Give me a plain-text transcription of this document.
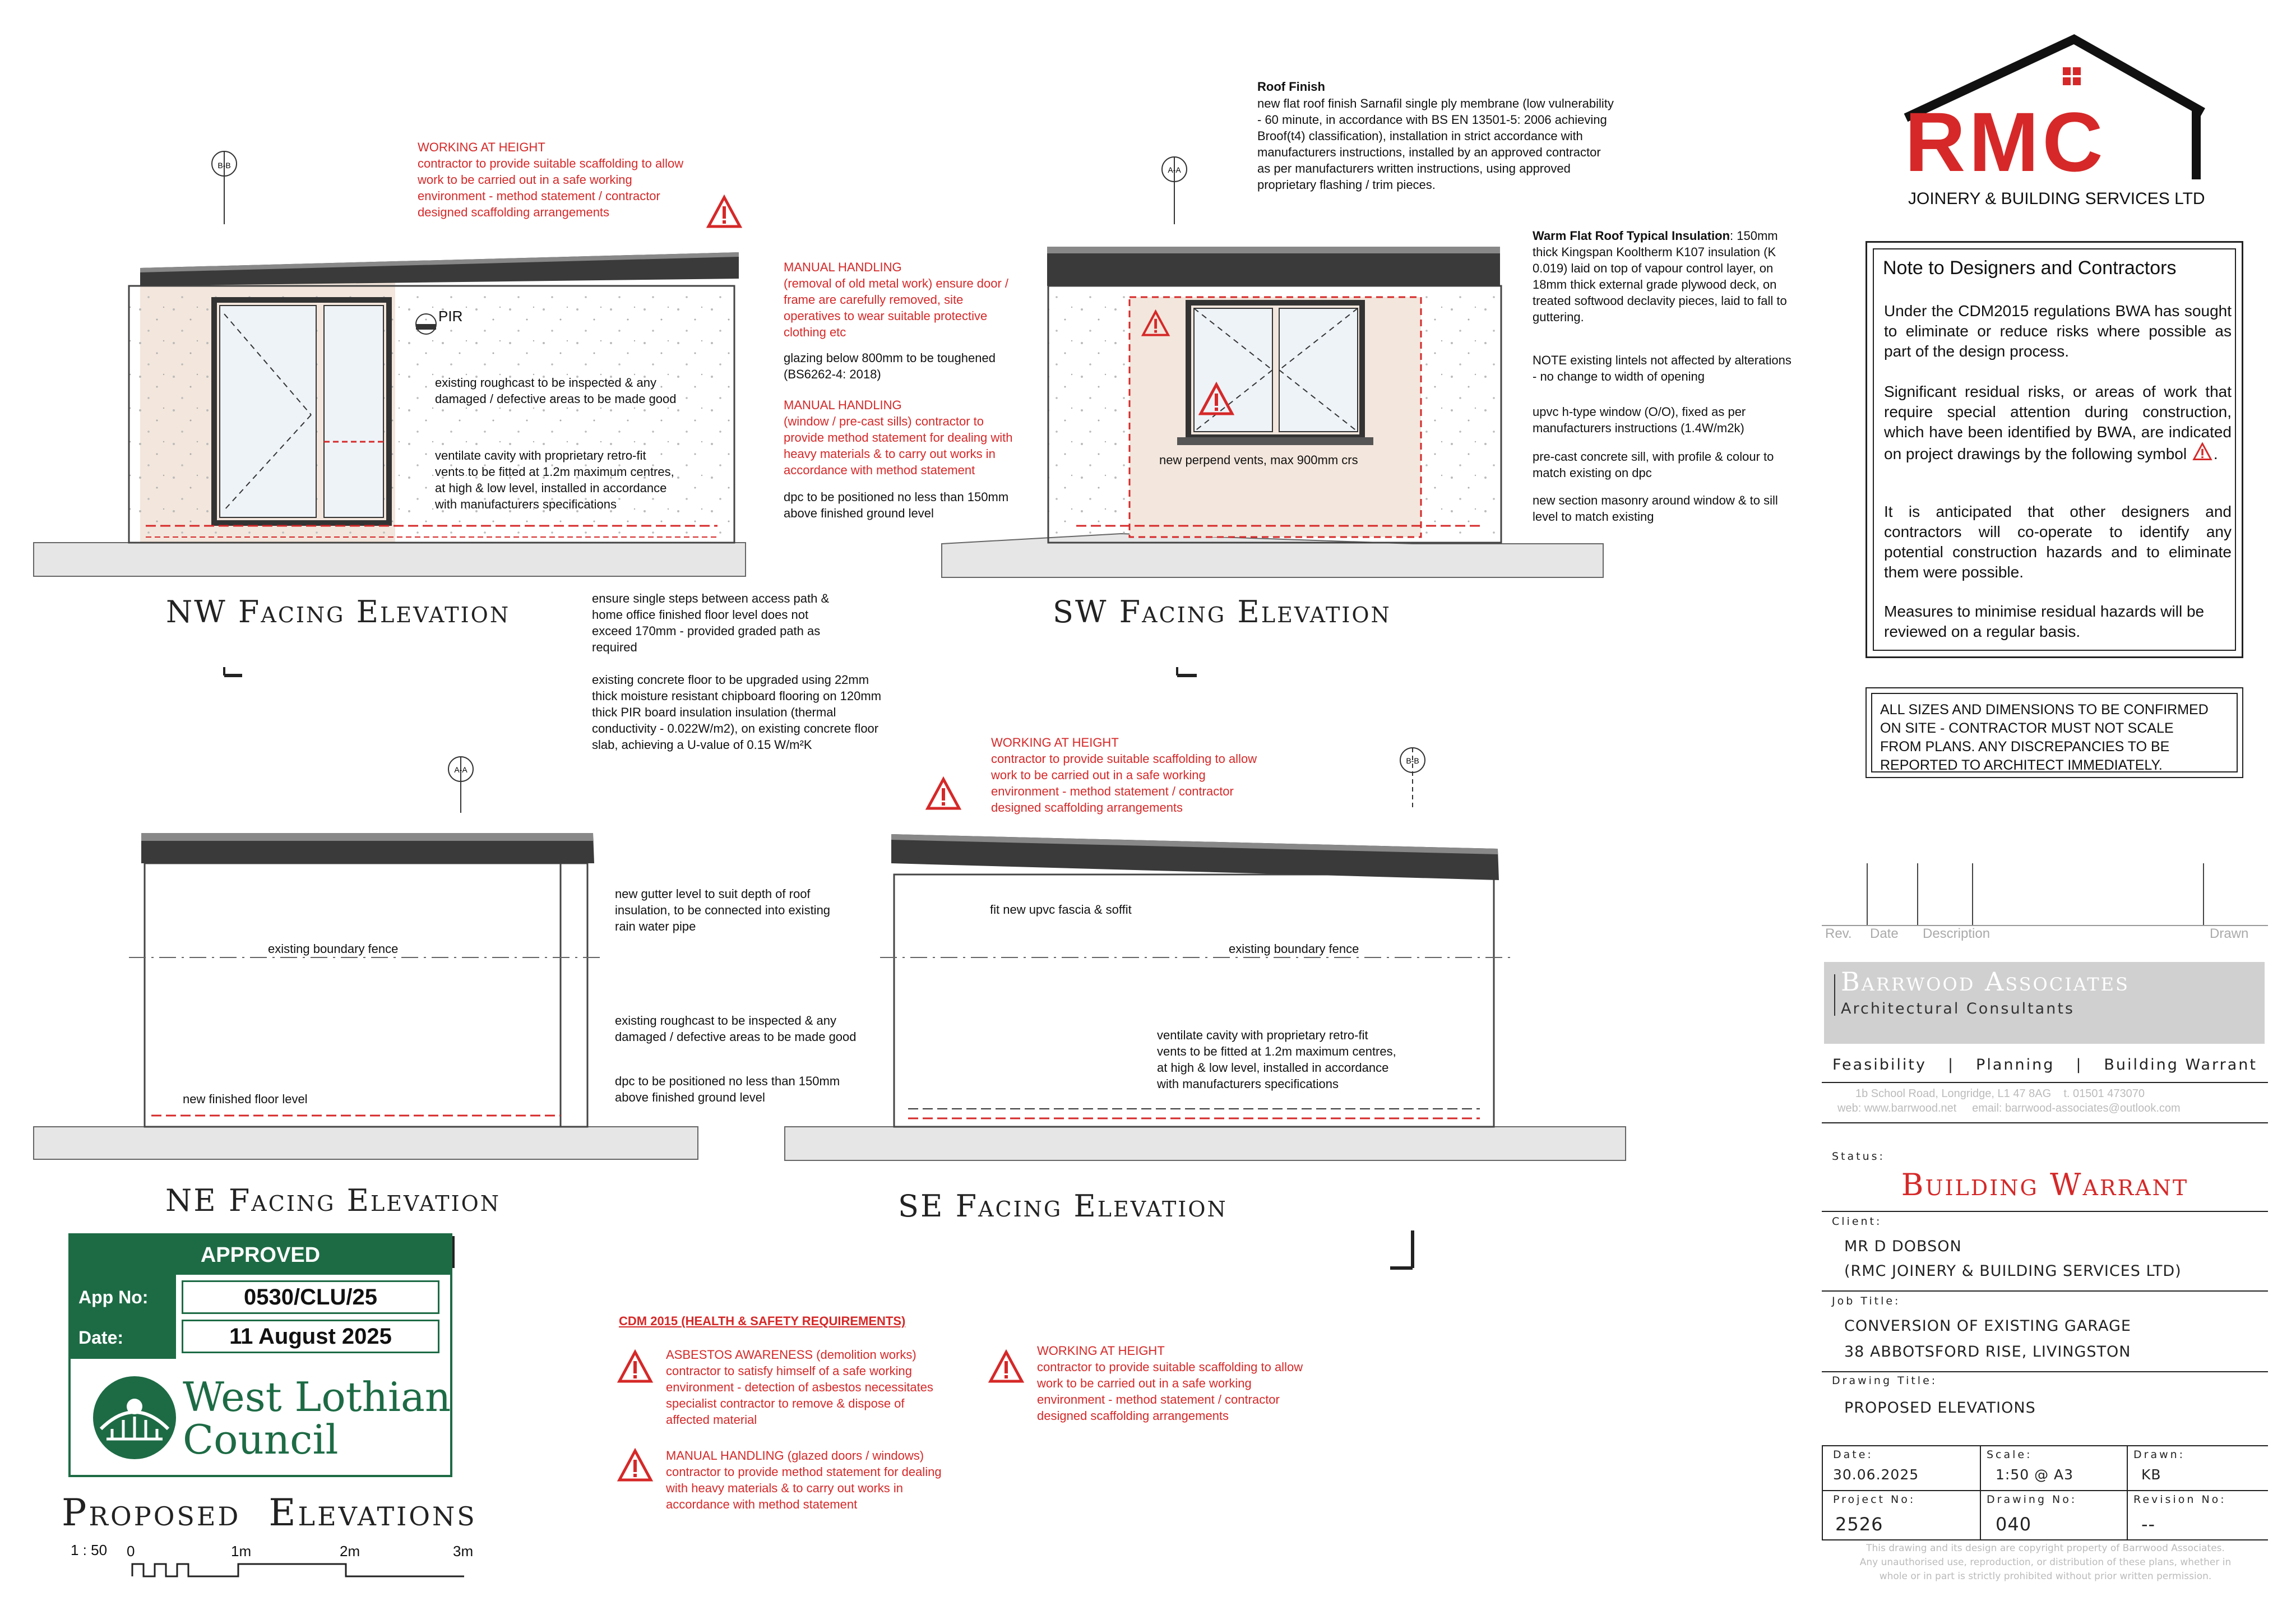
B-B	A-A
A-A
B-B
RMC
JOINERY & BUILDING SERVICES LTD
Roof Finish
new flat roof finish Sarnafil single ply membrane (low vulnerability
- 60 minute, in accordance with BS EN 13501-5: 2006 achieving
Broof(t4) classification), installation in strict accordance with
manufacturers instructions, installed by an approved contractor
as per manufacturers written instructions, using approved
proprietary flashing / trim pieces.
Warm Flat Roof Typical Insulation: 150mm
thick Kingspan Kooltherm K107 insulation (K
0.019) laid on top of vapour control layer, on
18mm thick external grade plywood deck, on
treated softwood declavity pieces, laid to fall to
guttering.
NOTE existing lintels not affected by alterations
- no change to width of opening
upvc h-type window (O/O), fixed as per
manufacturers instructions (1.4W/m2k)
pre-cast concrete sill, with profile & colour to
match existing on dpc
new section masonry around window & to sill
level to match existing
new perpend vents, max 900mm crs
WORKING AT HEIGHT
contractor to provide suitable scaffolding to allow
work to be carried out in a safe working
environment - method statement / contractor
designed scaffolding arrangements
PIR
existing roughcast to be inspected & any
damaged / defective areas to be made good
ventilate cavity with proprietary retro-fit
vents to be fitted at 1.2m maximum centres,
at high & low level, installed in accordance
with manufacturers specifications
MANUAL HANDLING
(removal of old metal work) ensure door /
frame are carefully removed, site
operatives to wear suitable protective
clothing etc
glazing below 800mm to be toughened
(BS6262-4: 2018)
MANUAL HANDLING
(window / pre-cast sills) contractor to
provide method statement for dealing with
heavy materials & to carry out works in
accordance with method statement
dpc to be positioned no less than 150mm
above finished ground level
ensure single steps between access path &
home office finished floor level does not
exceed 170mm - provided graded path as
required
existing concrete floor to be upgraded using 22mm
thick moisture resistant chipboard flooring on 120mm
thick PIR board insulation insulation (thermal
conductivity - 0.022W/m2), on existing concrete floor
slab, achieving a U-value of 0.15 W/m²K
NW Facing Elevation	SW Facing Elevation
NE Facing Elevation	SE Facing Elevation
existing boundary fence
new finished floor level
new gutter level to suit depth of roof
insulation, to be connected into existing
rain water pipe
existing roughcast to be inspected & any
damaged / defective areas to be made good
dpc to be positioned no less than 150mm
above finished ground level
WORKING AT HEIGHT
contractor to provide suitable scaffolding to allow
work to be carried out in a safe working
environment - method statement / contractor
designed scaffolding arrangements
fit new upvc fascia & soffit
existing boundary fence
ventilate cavity with proprietary retro-fit
vents to be fitted at 1.2m maximum centres,
at high & low level, installed in accordance
with manufacturers specifications
Note to Designers and Contractors
Under the CDM2015 regulations BWA has sought to eliminate or reduce risks where possible as part of the design process.
Significant residual risks, or areas of work that require special attention during construction, which have been identified by BWA, are indicated on project drawings by the following symbol .
It is anticipated that other designers and contractors will co-operate to identify any potential construction hazards and to eliminate them were possible.
Measures to minimise residual hazards will be reviewed on a regular basis.
ALL SIZES AND DIMENSIONS TO BE CONFIRMED
ON SITE - CONTRACTOR MUST NOT SCALE
FROM PLANS. ANY DISCREPANCIES TO BE
REPORTED TO ARCHITECT IMMEDIATELY.
APPROVED
App No:
Date:
0530/CLU/25
11 August 2025
West Lothian
Council
Proposed  Elevations
1 : 50 0	1m	2m	3m
CDM 2015 (HEALTH & SAFETY REQUIREMENTS)
ASBESTOS AWARENESS (demolition works)
contractor to satisfy himself of a safe working
environment - detection of asbestos necessitates
specialist contractor to remove & dispose of
affected material
MANUAL HANDLING (glazed doors / windows)
contractor to provide method statement for dealing
with heavy materials & to carry out works in
accordance with method statement
WORKING AT HEIGHT
contractor to provide suitable scaffolding to allow
work to be carried out in a safe working
environment - method statement / contractor
designed scaffolding arrangements
Rev. Date Description	Drawn
Barrwood Associates
Architectural Consultants
Feasibility | Planning | Building Warrant
1b School Road, Longridge, L1 47 8AG    t. 01501 473070
web: www.barrwood.net     email: barrwood-associates@outlook.com
Status:
Building Warrant
Client:
MR D DOBSON
(RMC JOINERY & BUILDING SERVICES LTD)
Job Title:
CONVERSION OF EXISTING GARAGE
38 ABBOTSFORD RISE, LIVINGSTON
Drawing Title:
PROPOSED ELEVATIONS
Date:
30.06.2025
Scale:
1:50 @ A3
Drawn:
KB
Project No:
2526
Drawing No:
040
Revision No:
--
This drawing and its design are copyright property of Barrwood Associates.
Any unauthorised use, reproduction, or distribution of these plans, whether in
whole or in part is strictly prohibited without prior written permission.
